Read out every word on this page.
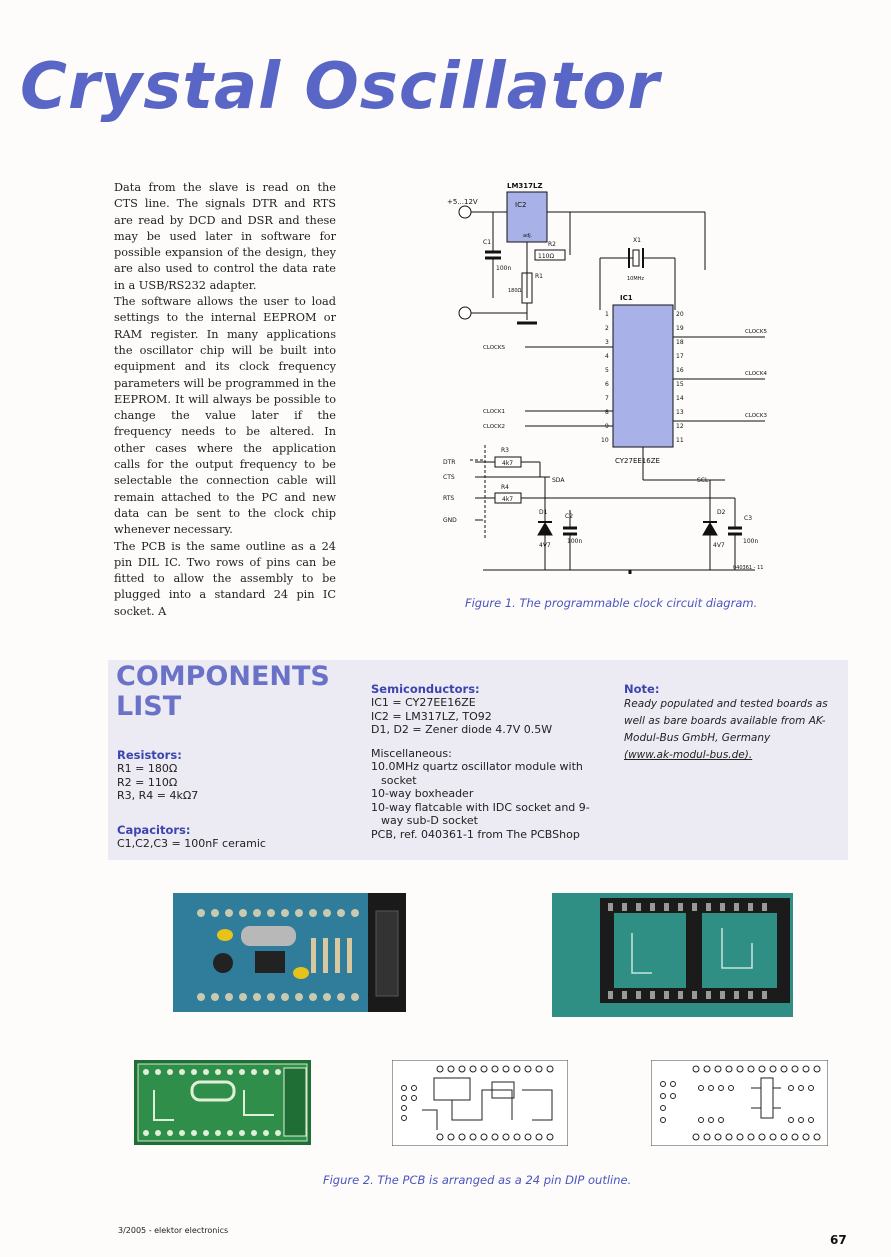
Crystal Oscillator

Data from the slave is read on the CTS line. The signals DTR and RTS are read by DCD and DSR and these may be used later in software for possible expansion of the design, they are also used to control the data rate in a USB/RS232 adapter.

The software allows the user to load settings to the internal EEPROM or RAM register. In many applications the oscillator chip will be built into equipment and its clock frequency parameters will be programmed in the EEPROM. It will always be possible to change the value later if the frequency needs to be altered. In other cases where the application calls for the output frequency to be selectable the connection cable will remain attached to the PC and new data can be sent to the clock chip whenever necessary.

The PCB is the same outline as a 24 pin DIL IC. Two rows of pins can be fitted to allow the assembly to be plugged into a standard 24 pin IC socket. A

LM317LZ
IC2
adj.
+5...12V
C1
100n
R2
110Ω
R1
180Ω
X1
10MHz
IC1
CY27EE16ZE
1
2
3
4
5
6
7
8
9
10
20
19
18
17
16
15
14
13
12
11
CLOCKS
CLOCK1
CLOCK2
CLOCK5
CLOCK4
CLOCK3
DTR
CTS
RTS
GND
R3
4k7
R4
4k7
SDA	SCL
D1
4V7
C2
100n
D2
4V7
C3
100n
040361 - 11
Figure 1. The programmable clock circuit diagram.
COMPONENTS
LIST
Resistors:
R1 = 180Ω
R2 = 110Ω
R3, R4 = 4kΩ7
Capacitors:
C1,C2,C3 = 100nF ceramic
Semiconductors:
IC1 = CY27EE16ZE
IC2 = LM317LZ, TO92
D1, D2 = Zener diode 4.7V 0.5W
Miscellaneous:
10.0MHz quartz oscillator module with
socket
10-way boxheader
10-way flatcable with IDC socket and 9-
way sub-D socket
PCB, ref. 040361-1 from The PCBShop
Note:
Ready populated and tested boards as
well as bare boards available from AK-
Modul-Bus GmbH, Germany
(www.ak-modul-bus.de).
Figure 2. The PCB is arranged as a 24 pin DIP outline.
3/2005 - elektor electronics
67
